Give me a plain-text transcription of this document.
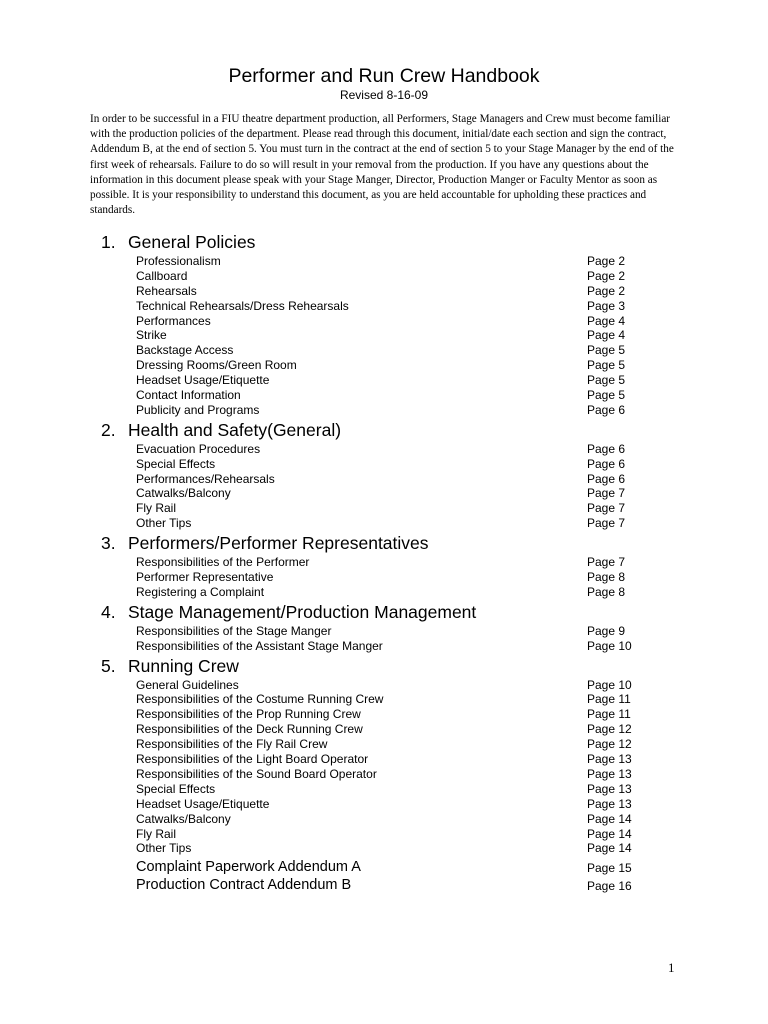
Performer and Run Crew Handbook
Revised 8-16-09

In order to be successful in a FIU theatre department production, all Performers, Stage Managers and Crew must become familiar with the production policies of the department. Please read through this document, initial/date each section and sign the contract, Addendum B, at the end of section 5. You must turn in the contract at the end of section 5 to your Stage Manager by the end of the first week of rehearsals. Failure to do so will result in your removal from the production. If you have any questions about the information in this document please speak with your Stage Manger, Director, Production Manger or Faculty Mentor as soon as possible. It is your responsibility to understand this document, as you are held accountable for upholding these practices and standards.

1. General Policies
Professionalism	Page 2
Callboard	Page 2
Rehearsals	Page 2
Technical Rehearsals/Dress Rehearsals	Page 3
Performances	Page 4
Strike	Page 4
Backstage Access	Page 5
Dressing Rooms/Green Room	Page 5
Headset Usage/Etiquette	Page 5
Contact Information	Page 5
Publicity and Programs	Page 6
2. Health and Safety(General)
Evacuation Procedures	Page 6
Special Effects	Page 6
Performances/Rehearsals	Page 6
Catwalks/Balcony	Page 7
Fly Rail	Page 7
Other Tips	Page 7
3. Performers/Performer Representatives
Responsibilities of the Performer	Page 7
Performer Representative	Page 8
Registering a Complaint	Page 8
4. Stage Management/Production Management
Responsibilities of the Stage Manger	Page 9
Responsibilities of the Assistant Stage Manger	Page 10
5. Running Crew
General Guidelines	Page 10
Responsibilities of the Costume Running Crew	Page 11
Responsibilities of the Prop Running Crew	Page 11
Responsibilities of the Deck Running Crew	Page 12
Responsibilities of the Fly Rail Crew	Page 12
Responsibilities of the Light Board Operator	Page 13
Responsibilities of the Sound Board Operator	Page 13
Special Effects	Page 13
Headset Usage/Etiquette	Page 13
Catwalks/Balcony	Page 14
Fly Rail	Page 14
Other Tips	Page 14
Complaint Paperwork Addendum A	Page 15
Production Contract Addendum B	Page 16
1
